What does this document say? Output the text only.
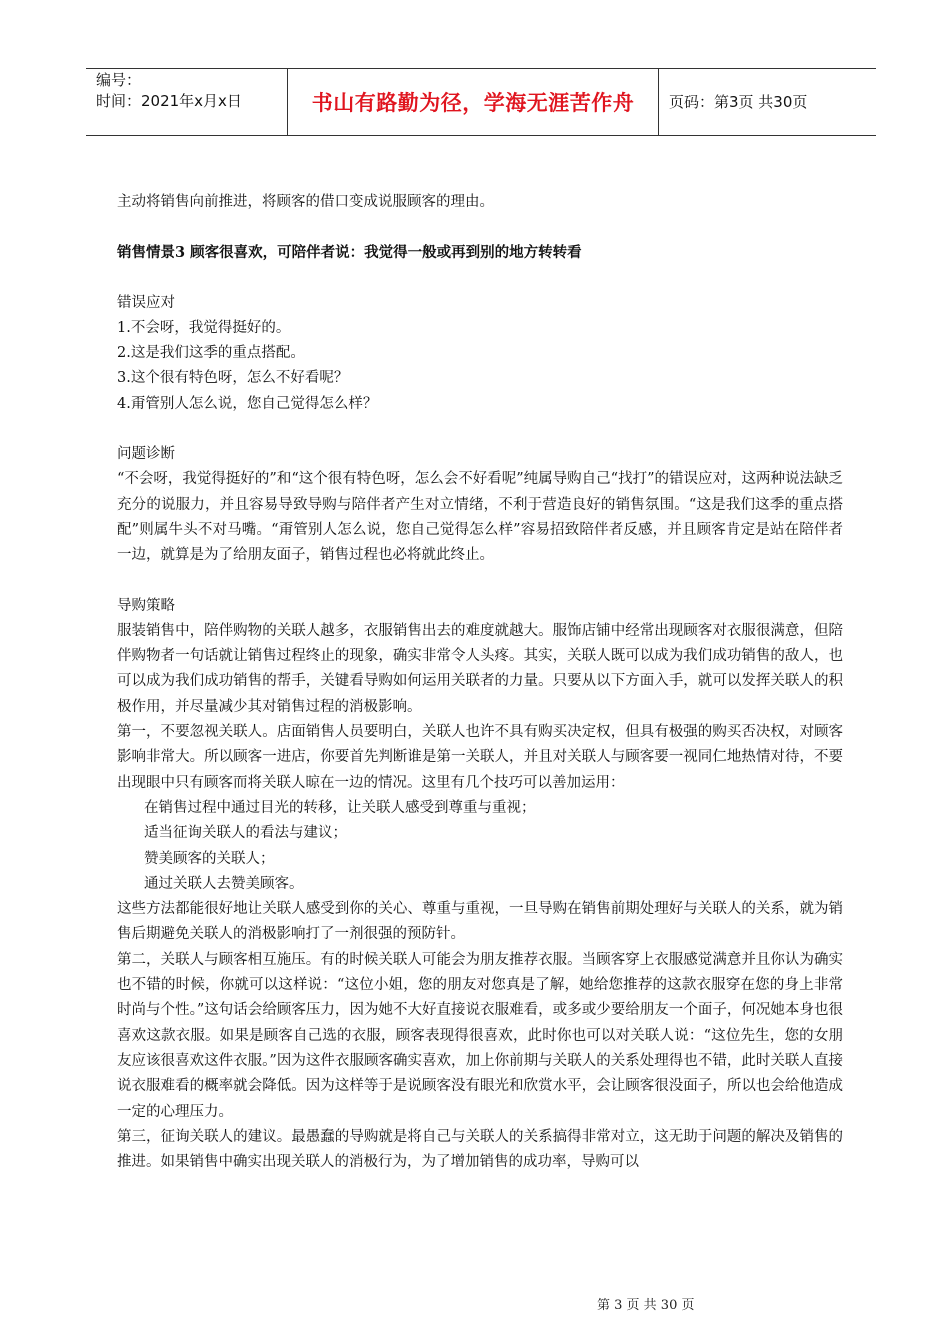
编号：
时间：2021年x月x日	书山有路勤为径，学海无涯苦作舟 页码：第3页 共30页

主动将销售向前推进，将顾客的借口变成说服顾客的理由。

销售情景3 顾客很喜欢，可陪伴者说：我觉得一般或再到别的地方转转看

错误应对

1.不会呀，我觉得挺好的。

2.这是我们这季的重点搭配。

3.这个很有特色呀，怎么不好看呢？

4.甭管别人怎么说，您自己觉得怎么样？

问题诊断

“不会呀，我觉得挺好的”和“这个很有特色呀，怎么会不好看呢”纯属导购自己“找打”的错误应对，这两种说法缺乏充分的说服力，并且容易导致导购与陪伴者产生对立情绪，不利于营造良好的销售氛围。“这是我们这季的重点搭配”则属牛头不对马嘴。“甭管别人怎么说，您自己觉得怎么样”容易招致陪伴者反感，并且顾客肯定是站在陪伴者一边，就算是为了给朋友面子，销售过程也必将就此终止。

导购策略

服装销售中，陪伴购物的关联人越多，衣服销售出去的难度就越大。服饰店铺中经常出现顾客对衣服很满意，但陪伴购物者一句话就让销售过程终止的现象，确实非常令人头疼。其实，关联人既可以成为我们成功销售的敌人，也可以成为我们成功销售的帮手，关键看导购如何运用关联者的力量。只要从以下方面入手，就可以发挥关联人的积极作用，并尽量减少其对销售过程的消极影响。

第一，不要忽视关联人。店面销售人员要明白，关联人也许不具有购买决定权，但具有极强的购买否决权，对顾客影响非常大。所以顾客一进店，你要首先判断谁是第一关联人，并且对关联人与顾客要一视同仁地热情对待，不要出现眼中只有顾客而将关联人晾在一边的情况。这里有几个技巧可以善加运用：

在销售过程中通过目光的转移，让关联人感受到尊重与重视；

适当征询关联人的看法与建议；

赞美顾客的关联人；

通过关联人去赞美顾客。

这些方法都能很好地让关联人感受到你的关心、尊重与重视，一旦导购在销售前期处理好与关联人的关系，就为销售后期避免关联人的消极影响打了一剂很强的预防针。

第二，关联人与顾客相互施压。有的时候关联人可能会为朋友推荐衣服。当顾客穿上衣服感觉满意并且你认为确实也不错的时候，你就可以这样说：“这位小姐，您的朋友对您真是了解，她给您推荐的这款衣服穿在您的身上非常时尚与个性。”这句话会给顾客压力，因为她不大好直接说衣服难看，或多或少要给朋友一个面子，何况她本身也很喜欢这款衣服。如果是顾客自己选的衣服，顾客表现得很喜欢，此时你也可以对关联人说：“这位先生，您的女朋友应该很喜欢这件衣服。”因为这件衣服顾客确实喜欢，加上你前期与关联人的关系处理得也不错，此时关联人直接说衣服难看的概率就会降低。因为这样等于是说顾客没有眼光和欣赏水平，会让顾客很没面子，所以也会给他造成一定的心理压力。

第三，征询关联人的建议。最愚蠢的导购就是将自己与关联人的关系搞得非常对立，这无助于问题的解决及销售的推进。如果销售中确实出现关联人的消极行为，为了增加销售的成功率，导购可以

第 3 页 共 30 页
